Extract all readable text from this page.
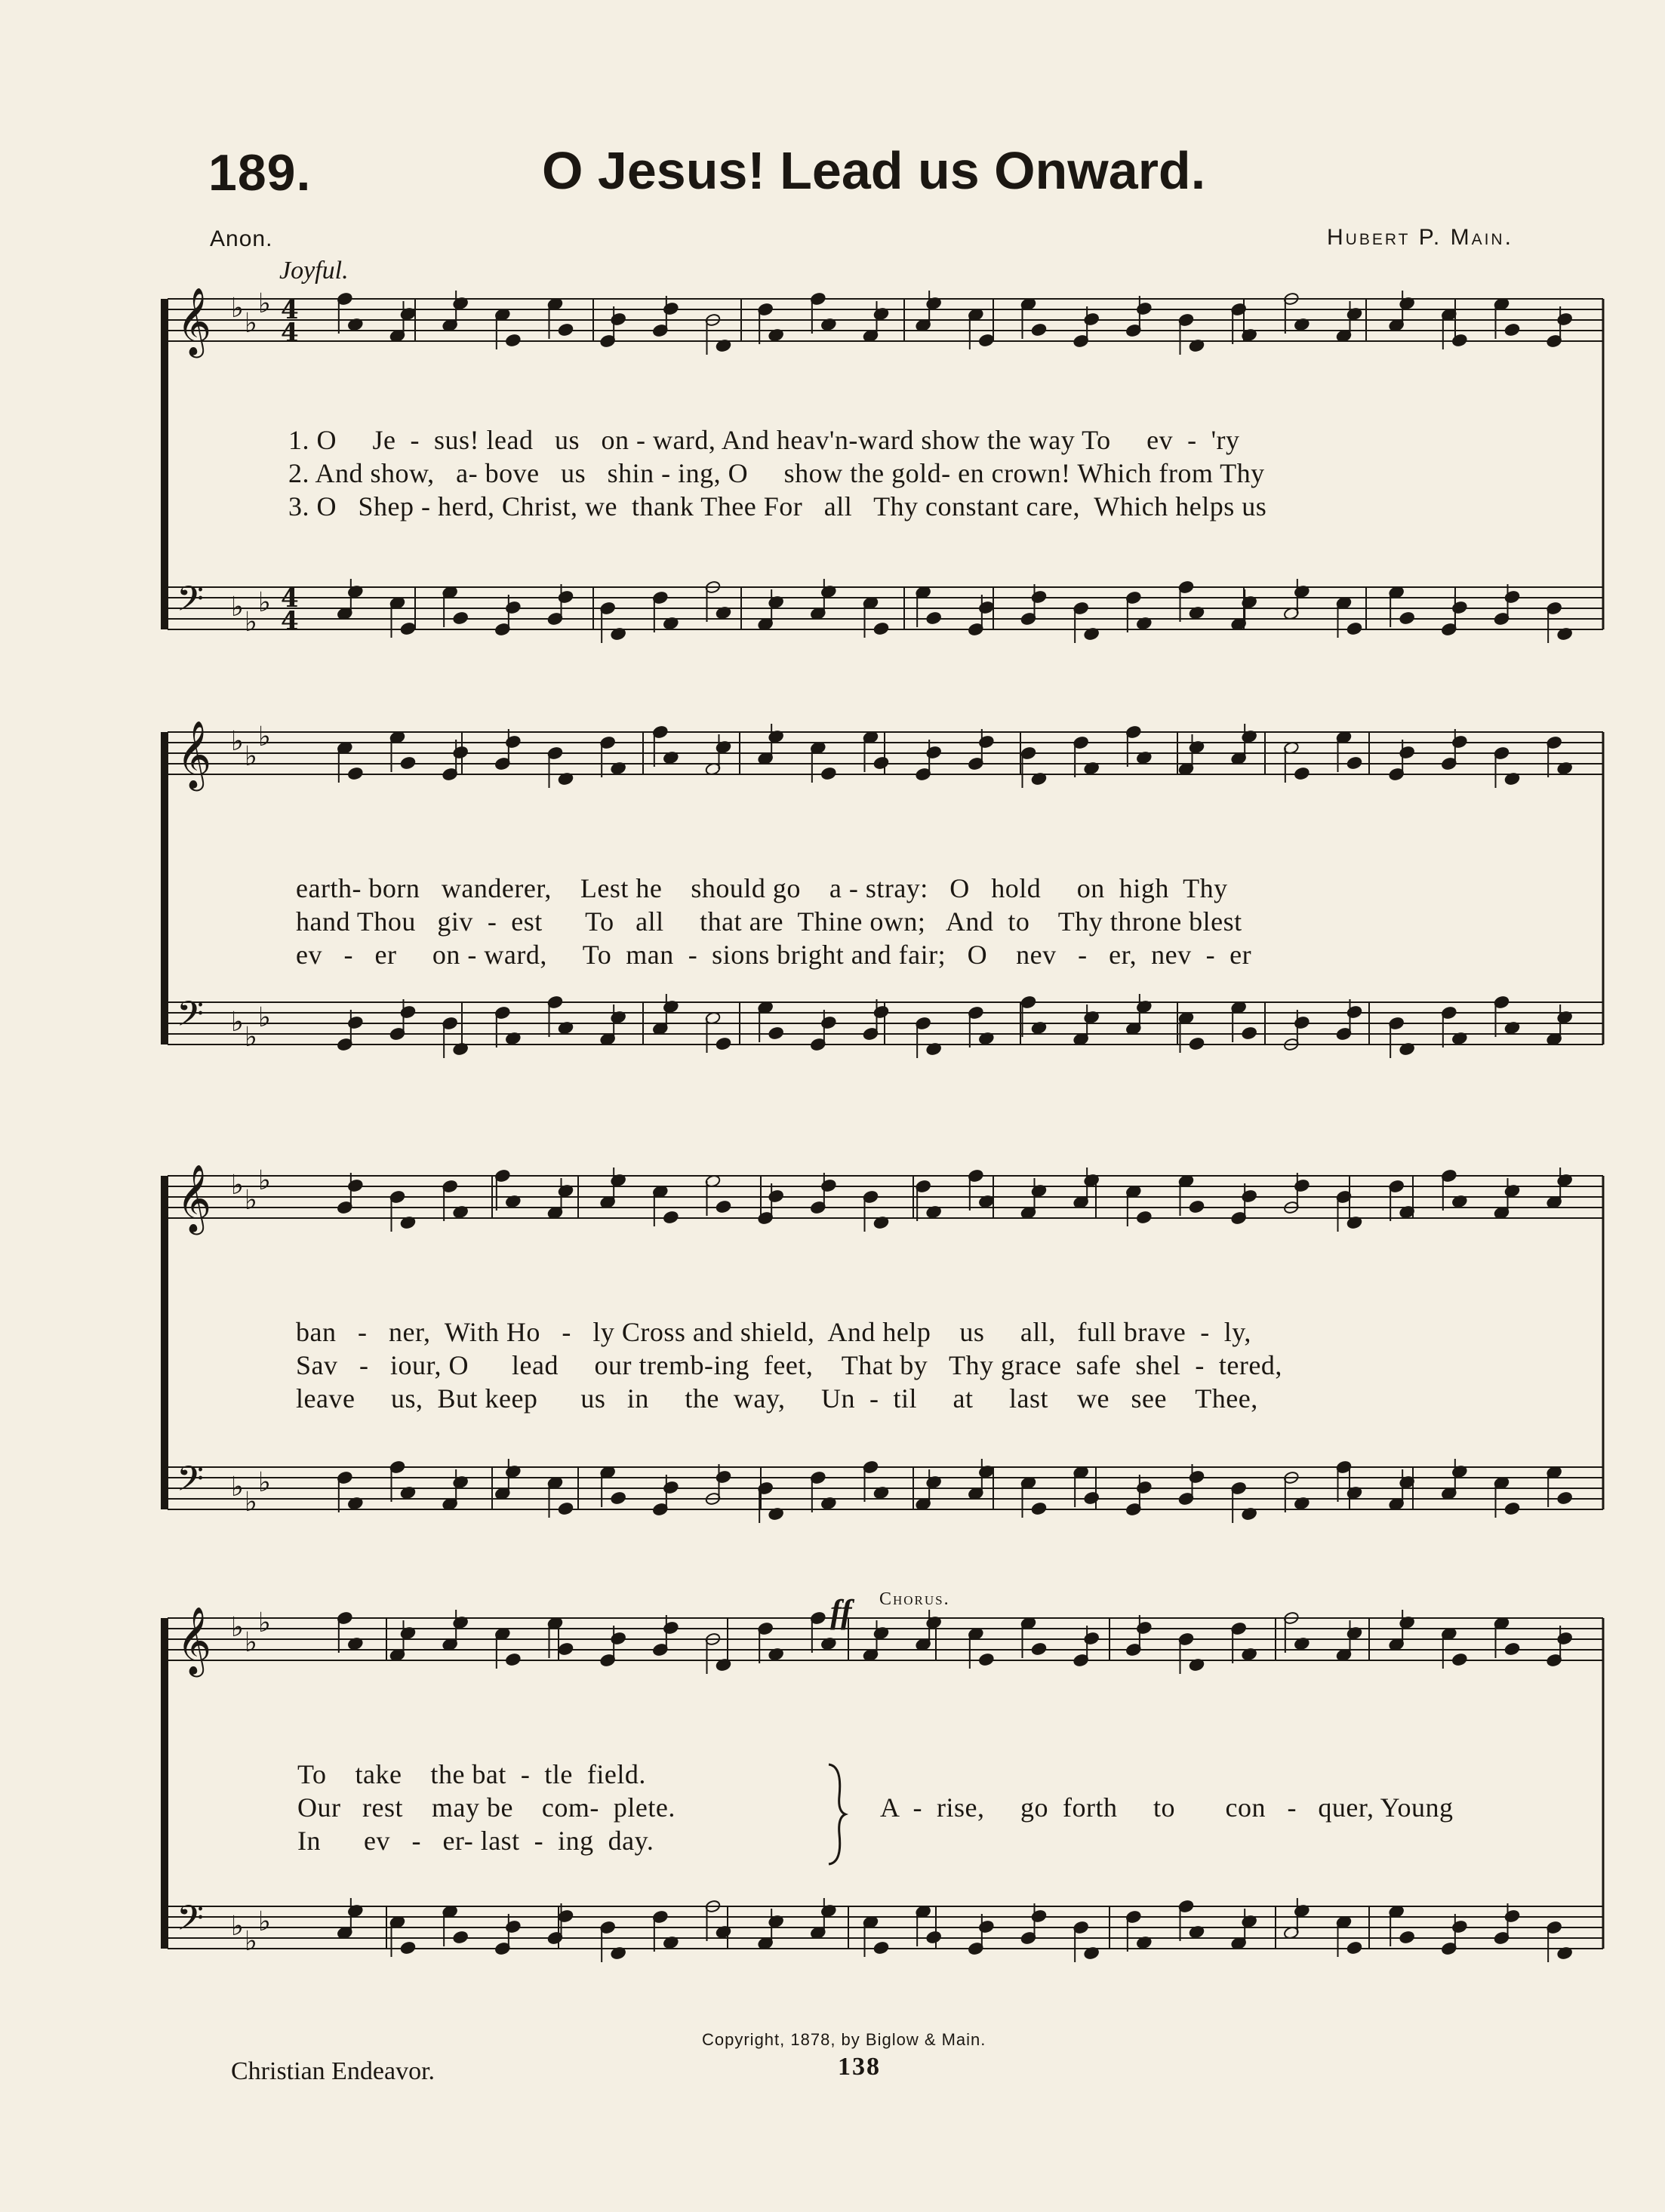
189.	O Jesus! Lead us Onward.
Anon.	Hubert P. Main.
Joyful.
𝄞 ♭ ♭
♭ 4
4
𝄢 ♭ ♭
♭ 4
4
𝄞 ♭ ♭
♭
𝄢 ♭ ♭
♭
𝄞 ♭ ♭
♭
𝄢 ♭ ♭
♭
𝄞 ♭ ♭
♭
𝄢 ♭ ♭
♭
1. O     Je  -  sus! lead   us   on - ward, And heav'n-ward show the way To     ev  -  'ry
2. And show,   a- bove   us   shin - ing, O     show the gold- en crown! Which from Thy
3. O   Shep - herd, Christ, we  thank Thee For   all   Thy constant care,  Which helps us
earth- born   wanderer,    Lest he    should go    a - stray:   O   hold     on  high  Thy
hand Thou   giv  -  est      To   all     that are  Thine own;   And  to    Thy throne blest
ev   -   er     on - ward,     To  man  -  sions bright and fair;   O    nev   -   er,  nev  -  er
ban   -   ner,  With Ho   -   ly Cross and shield,  And help    us     all,   full brave  -  ly,
Sav   -   iour, O      lead     our tremb-ing  feet,    That by   Thy grace  safe  shel  -  tered,
leave     us,  But keep      us   in     the  way,     Un  -  til     at     last    we   see    Thee,
ff Chorus.
To    take    the bat  -  tle  field.
Our   rest    may be    com-  plete.
In      ev   -   er- last  -  ing  day.
A  -  rise,     go  forth     to       con   -   quer, Young
Copyright, 1878, by Biglow & Main.
Christian Endeavor.	138
